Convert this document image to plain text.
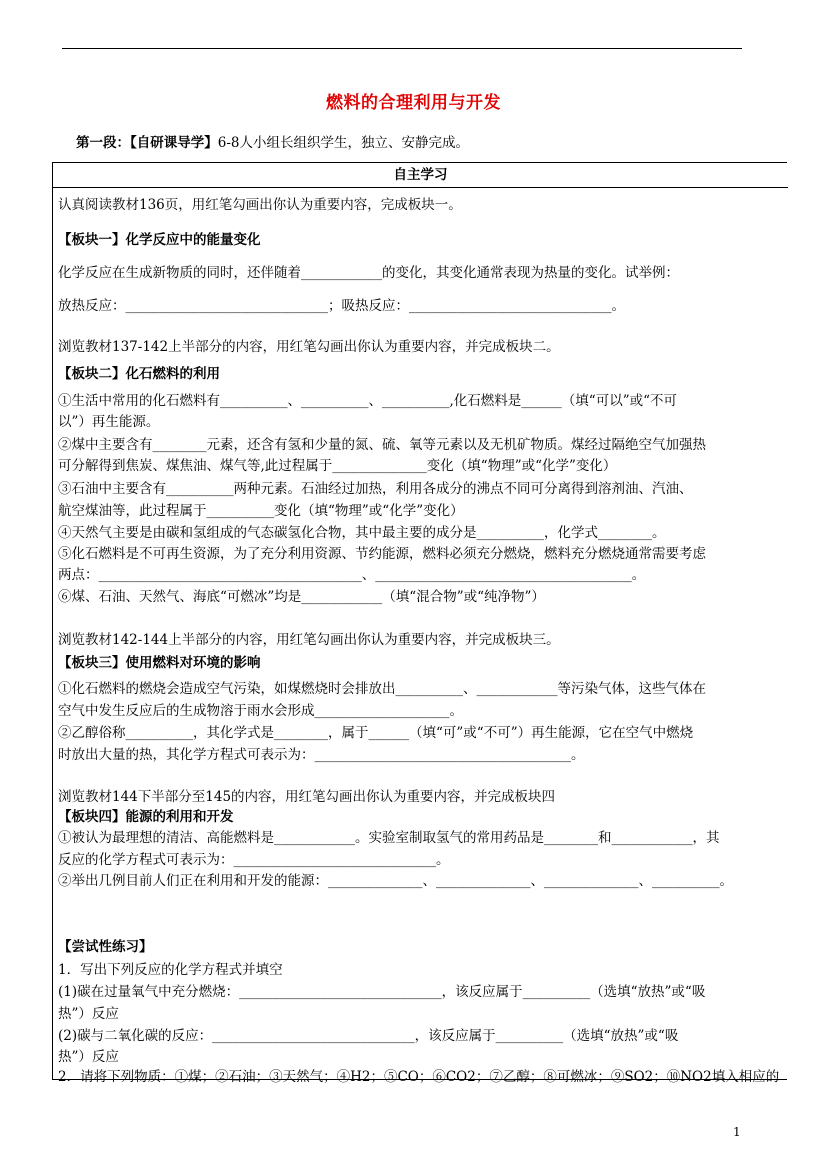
燃料的合理利用与开发
第一段：【自研课导学】6-8人小组长组织学生，独立、安静完成。
自主学习
认真阅读教材136页，用红笔勾画出你认为重要内容，完成板块一。
【板块一】化学反应中的能量变化
化学反应在生成新物质的同时，还伴随着____________的变化，其变化通常表现为热量的变化。试举例：
放热反应：______________________________；吸热反应：______________________________。
浏览教材137-142上半部分的内容，用红笔勾画出你认为重要内容，并完成板块二。
【板块二】化石燃料的利用
①生活中常用的化石燃料有__________、__________、__________,化石燃料是______（填“可以”或“不可
以”）再生能源。
②煤中主要含有________元素，还含有氢和少量的氮、硫、氧等元素以及无机矿物质。煤经过隔绝空气加强热
可分解得到焦炭、煤焦油、煤气等,此过程属于______________变化（填“物理”或“化学”变化）
③石油中主要含有__________两种元素。石油经过加热，利用各成分的沸点不同可分离得到溶剂油、汽油、
航空煤油等，此过程属于__________变化（填“物理”或“化学”变化）
④天然气主要是由碳和氢组成的气态碳氢化合物，其中最主要的成分是__________，化学式________。
⑤化石燃料是不可再生资源，为了充分利用资源、节约能源，燃料必须充分燃烧，燃料充分燃烧通常需要考虑
两点：_______________________________________、______________________________________。
⑥煤、石油、天然气、海底“可燃冰”均是____________（填“混合物”或“纯净物”）
浏览教材142-144上半部分的内容，用红笔勾画出你认为重要内容，并完成板块三。
【板块三】使用燃料对环境的影响
①化石燃料的燃烧会造成空气污染，如煤燃烧时会排放出__________、____________等污染气体，这些气体在
空气中发生反应后的生成物溶于雨水会形成____________________。
②乙醇俗称__________，其化学式是________，属于______（填“可”或“不可”）再生能源，它在空气中燃烧
时放出大量的热，其化学方程式可表示为：______________________________________。
浏览教材144下半部分至145的内容，用红笔勾画出你认为重要内容，并完成板块四
【板块四】能源的利用和开发
①被认为最理想的清洁、高能燃料是____________。实验室制取氢气的常用药品是________和____________，其
反应的化学方程式可表示为：______________________________。
②举出几例目前人们正在利用和开发的能源：______________、______________、______________、__________。
【尝试性练习】
1．写出下列反应的化学方程式并填空
(1)碳在过量氧气中充分燃烧：______________________________，该反应属于__________（选填“放热”或“吸
热”）反应
(2)碳与二氧化碳的反应：______________________________，该反应属于__________（选填“放热”或“吸
热”）反应
2．请将下列物质：①煤；②石油；③天然气；④H2；⑤CO；⑥CO2；⑦乙醇；⑧可燃冰；⑨SO2；⑩NO2填入相应的
1
